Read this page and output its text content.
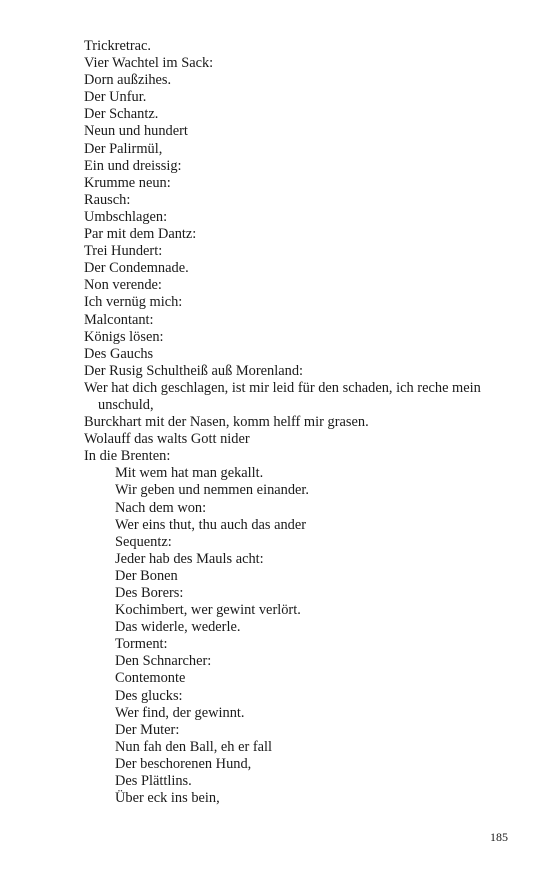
Trickretrac.
Vier Wachtel im Sack:
Dorn außzihes.
Der Unfur.
Der Schantz.
Neun und hundert
Der Palirmül,
Ein und dreissig:
Krumme neun:
Rausch:
Umbschlagen:
Par mit dem Dantz:
Trei Hundert:
Der Condemnade.
Non verende:
Ich vernüg mich:
Malcontant:
Königs lösen:
Des Gauchs
Der Rusig Schultheiß auß Morenland:
Wer hat dich geschlagen, ist mir leid für den schaden, ich reche mein unschuld,
Burckhart mit der Nasen, komm helff mir grasen.
Wolauff das walts Gott nider
In die Brenten:
Mit wem hat man gekallt.
Wir geben und nemmen einander.
Nach dem won:
Wer eins thut, thu auch das ander
Sequentz:
Jeder hab des Mauls acht:
Der Bonen
Des Borers:
Kochimbert, wer gewint verlört.
Das widerle, wederle.
Torment:
Den Schnarcher:
Contemonte
Des glucks:
Wer find, der gewinnt.
Der Muter:
Nun fah den Ball, eh er fall
Der beschorenen Hund,
Des Plättlins.
Über eck ins bein,
185
